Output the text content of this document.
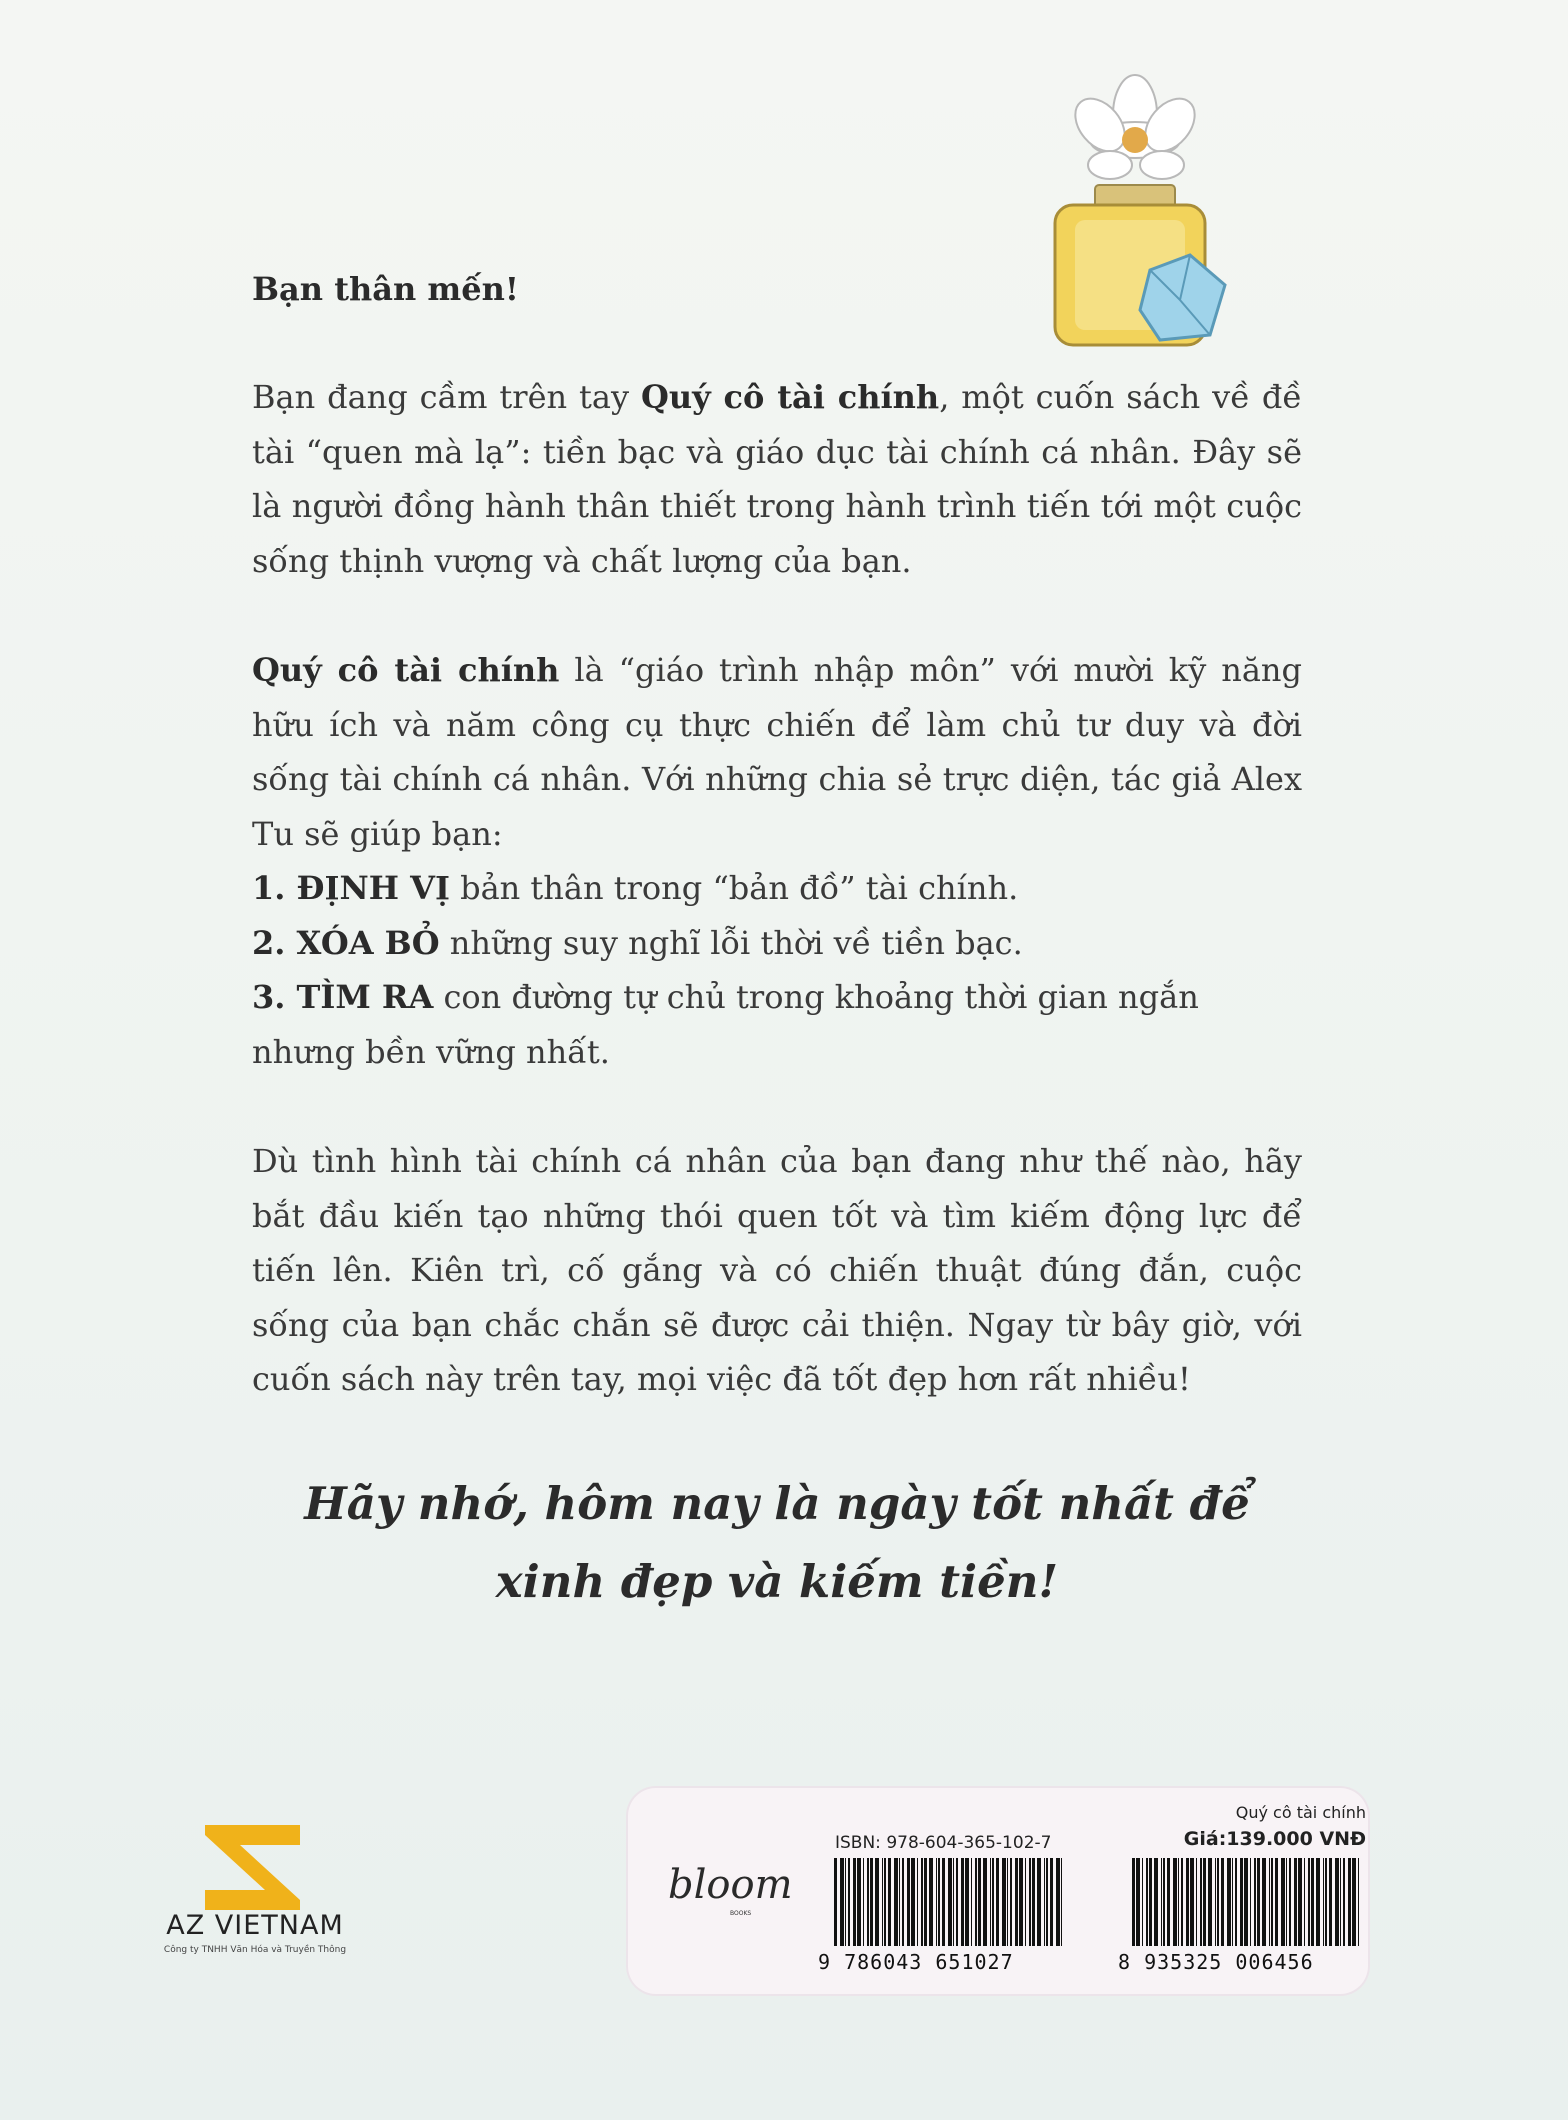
Bạn thân mến!
Bạn đang cầm trên tay Quý cô tài chính, một cuốn sách về đề tài “quen mà lạ”: tiền bạc và giáo dục tài chính cá nhân. Đây sẽ là người đồng hành thân thiết trong hành trình tiến tới một cuộc sống thịnh vượng và chất lượng của bạn.
Quý cô tài chính là “giáo trình nhập môn” với mười kỹ năng hữu ích và năm công cụ thực chiến để làm chủ tư duy và đời sống tài chính cá nhân. Với những chia sẻ trực diện, tác giả Alex Tu sẽ giúp bạn:
1. ĐỊNH VỊ bản thân trong “bản đồ” tài chính.
2. XÓA BỎ những suy nghĩ lỗi thời về tiền bạc.
3. TÌM RA con đường tự chủ trong khoảng thời gian ngắn nhưng bền vững nhất.
Dù tình hình tài chính cá nhân của bạn đang như thế nào, hãy bắt đầu kiến tạo những thói quen tốt và tìm kiếm động lực để tiến lên. Kiên trì, cố gắng và có chiến thuật đúng đắn, cuộc sống của bạn chắc chắn sẽ được cải thiện. Ngay từ bây giờ, với cuốn sách này trên tay, mọi việc đã tốt đẹp hơn rất nhiều!
Hãy nhớ, hôm nay là ngày tốt nhất để
xinh đẹp và kiếm tiền!
AZ VIETNAM
Công ty TNHH Văn Hóa và Truyền Thông
bloom
BOOKS
ISBN: 978-604-365-102-7
Quý cô tài chính
Giá:139.000 VNĐ
9 786043 651027	8 935325 006456
